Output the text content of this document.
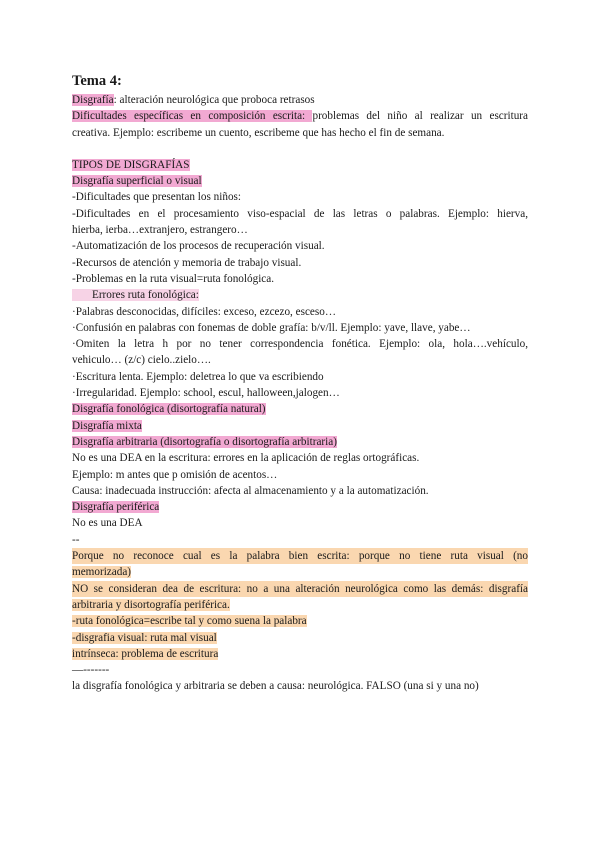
Tema 4:
Disgrafía: alteración neurológica que proboca retrasos
Dificultades específicas en composición escrita: problemas del niño al realizar un escritura
creativa. Ejemplo: escribeme un cuento, escribeme que has hecho el fin de semana.
TIPOS DE DISGRAFÍAS
Disgrafía superficial o visual
-Dificultades que presentan los niños:
-Dificultades en el procesamiento viso-espacial de las letras o palabras. Ejemplo: hierva,
hierba, ierba…extranjero, estrangero…
-Automatización de los procesos de recuperación visual.
-Recursos de atención y memoria de trabajo visual.
-Problemas en la ruta visual=ruta fonológica.
Errores ruta fonológica:
·Palabras desconocidas, difíciles: exceso, ezcezo, esceso…
·Confusión en palabras con fonemas de doble grafía: b/v/ll. Ejemplo: yave, llave, yabe…
·Omiten la letra h por no tener correspondencia fonética. Ejemplo: ola, hola….vehículo,
vehiculo… (z/c) cielo..zielo….
·Escritura lenta. Ejemplo: deletrea lo que va escribiendo
·Irregularidad. Ejemplo: school, escul, halloween,jalogen…
Disgrafía fonológica (disortografía natural)
Disgrafía mixta
Disgrafía arbitraria (disortografía o disortografía arbitraria)
No es una DEA en la escritura: errores en la aplicación de reglas ortográficas.
Ejemplo: m antes que p omisión de acentos…
Causa: inadecuada instrucción: afecta al almacenamiento y a la automatización.
Disgrafía periférica
No es una DEA
--
Porque no reconoce cual es la palabra bien escrita: porque no tiene ruta visual (no
memorizada)
NO se consideran dea de escritura: no a una alteración neurológica como las demás: disgrafía
arbitraria y disortografía periférica.
-ruta fonológica=escribe tal y como suena la palabra
-disgrafia visual: ruta mal visual
intrínseca: problema de escritura
—-------
la disgrafía fonológica y arbitraria se deben a causa: neurológica. FALSO (una si y una no)
